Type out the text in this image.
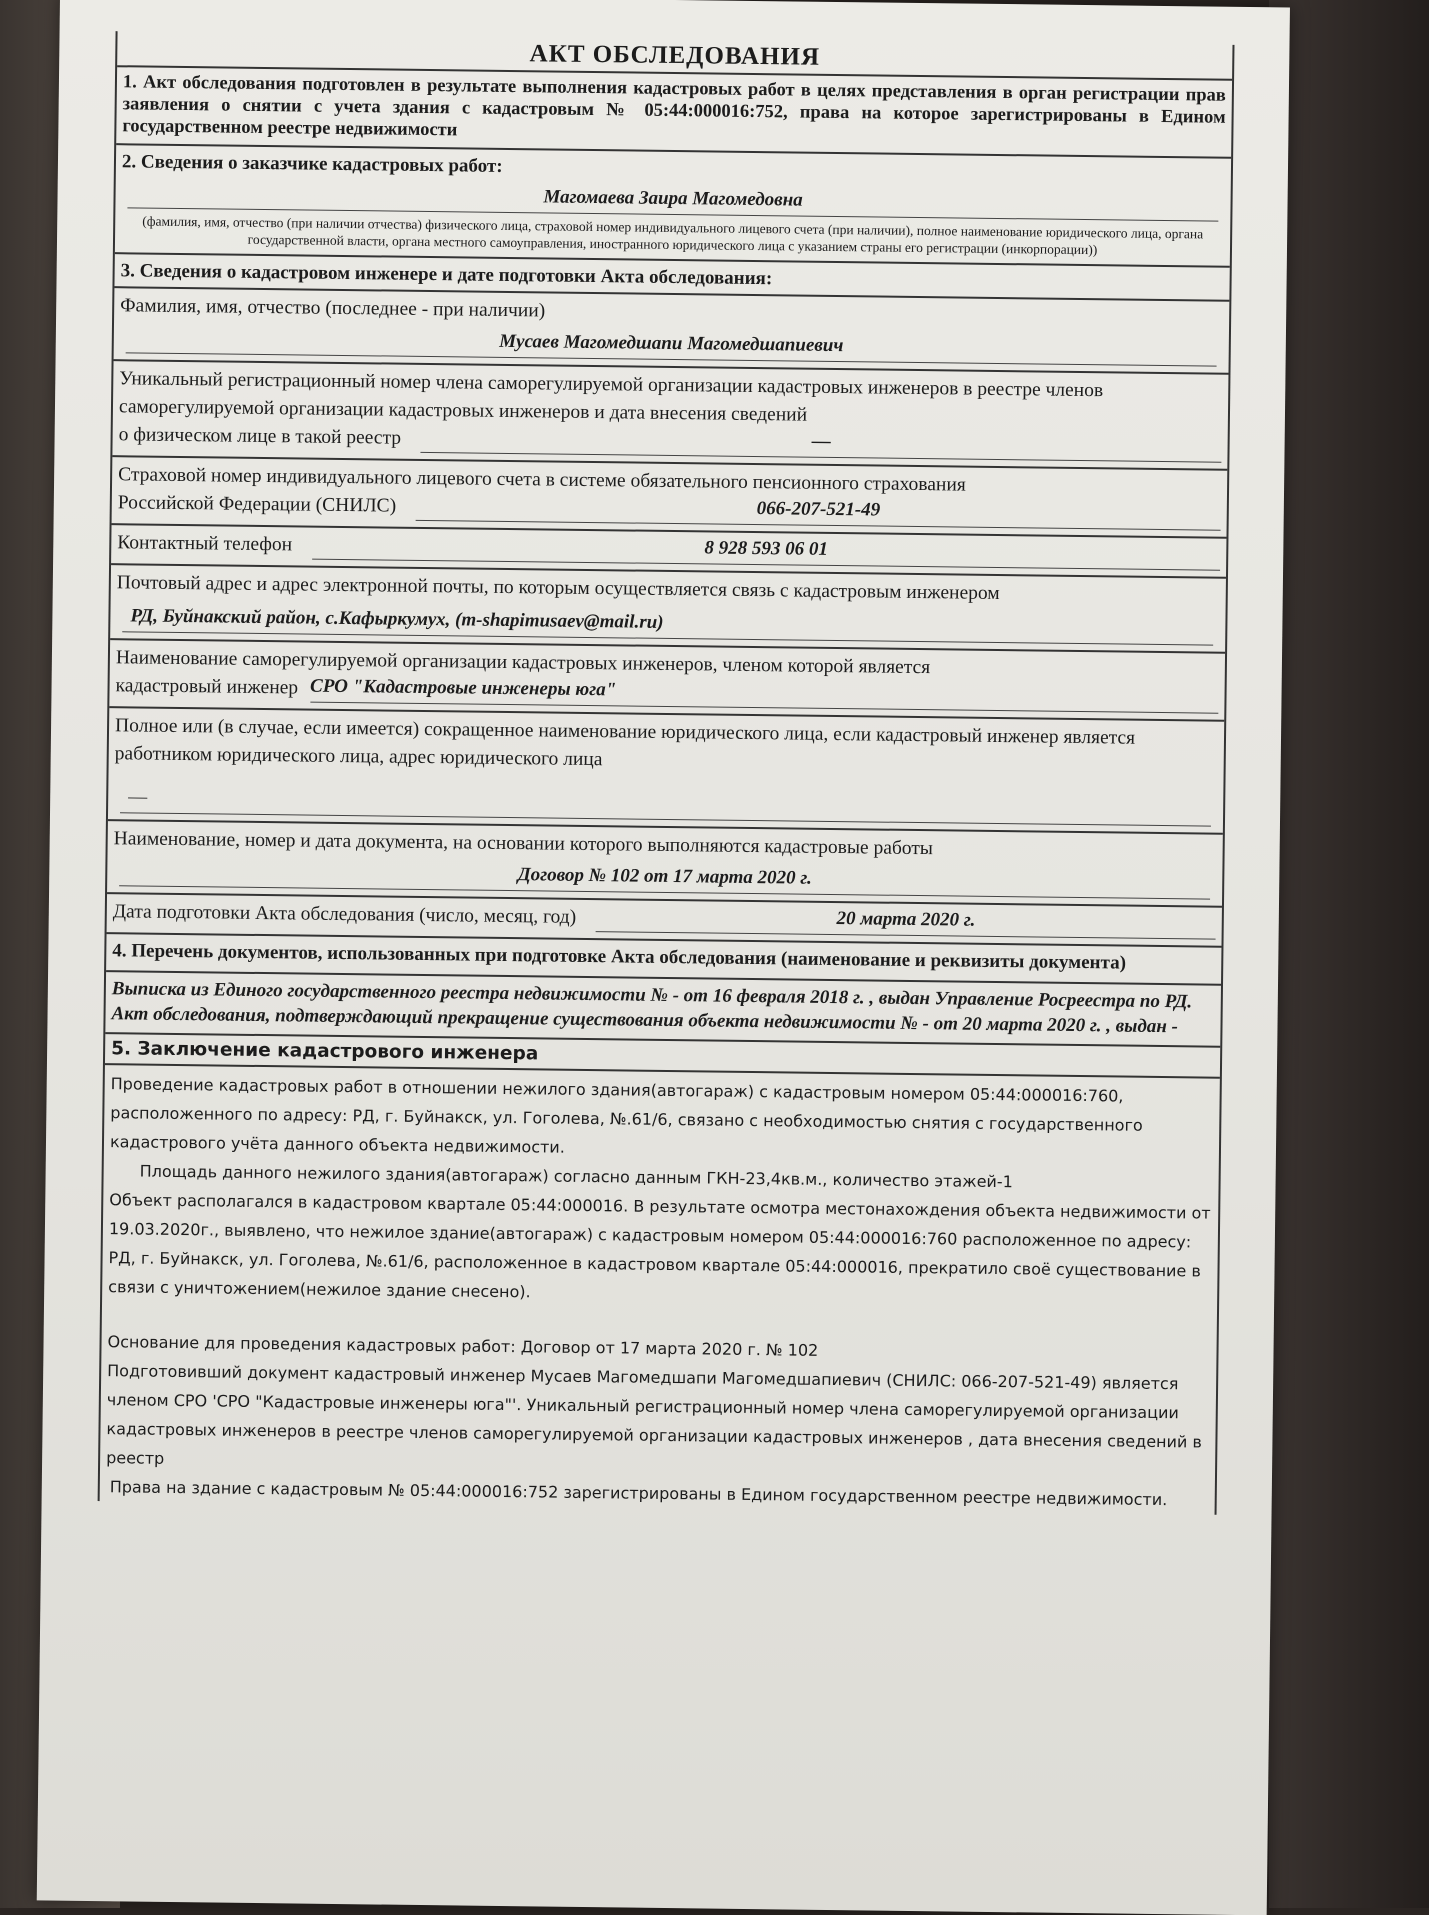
АКТ ОБСЛЕДОВАНИЯ

1. Акт обследования подготовлен в результате выполнения кадастровых работ в целях представления в орган регистрации прав заявления о снятии с учета здания с кадастровым № 05:44:000016:752, права на которое зарегистрированы в Едином государственном реестре недвижимости

2. Сведения о заказчике кадастровых работ:
Магомаева Заира Магомедовна
(фамилия, имя, отчество (при наличии отчества) физического лица, страховой номер индивидуального лицевого счета (при наличии), полное наименование юридического лица, органа государственной власти, органа местного самоуправления, иностранного юридического лица с указанием страны его регистрации (инкорпорации))
3. Сведения о кадастровом инженере и дате подготовки Акта обследования:
Фамилия, имя, отчество (последнее - при наличии)
Мусаев Магомедшапи Магомедшапиевич
Уникальный регистрационный номер члена саморегулируемой организации кадастровых инженеров в реестре членов саморегулируемой организации кадастровых инженеров и дата внесения сведений
о физическом лице в такой реестр	—
Страховой номер индивидуального лицевого счета в системе обязательного пенсионного страхования
Российской Федерации (СНИЛС)	066-207-521-49
Контактный телефон	8 928 593 06 01
Почтовый адрес и адрес электронной почты, по которым осуществляется связь с кадастровым инженером
РД, Буйнакский район, с.Кафыркумух, (m-shapimusaev@mail.ru)
Наименование саморегулируемой организации кадастровых инженеров, членом которой является
кадастровый инженер СРО "Кадастровые инженеры юга"
Полное или (в случае, если имеется) сокращенное наименование юридического лица, если кадастровый инженер является работником юридического лица, адрес юридического лица
—
Наименование, номер и дата документа, на основании которого выполняются кадастровые работы
Договор № 102 от 17 марта 2020 г.
Дата подготовки Акта обследования (число, месяц, год)	20 марта 2020 г.
4. Перечень документов, использованных при подготовке Акта обследования (наименование и реквизиты документа)

Выписка из Единого государственного реестра недвижимости № - от 16 февраля 2018 г. , выдан Управление Росреестра по РД.

Акт обследования, подтверждающий прекращение существования объекта недвижимости № - от 20 марта 2020 г. , выдан -

5. Заключение кадастрового инженера

Проведение кадастровых работ в отношении нежилого здания(автогараж) с кадастровым номером 05:44:000016:760, расположенного по адресу: РД, г. Буйнакск, ул. Гоголева, №.61/6, связано с необходимостью снятия с государственного кадастрового учёта данного объекта недвижимости.

Площадь данного нежилого здания(автогараж) согласно данным ГКН-23,4кв.м., количество этажей-1

Объект располагался в кадастровом квартале 05:44:000016. В результате осмотра местонахождения объекта недвижимости от 19.03.2020г., выявлено, что нежилое здание(автогараж) с кадастровым номером 05:44:000016:760 расположенное по адресу: РД, г. Буйнакск, ул. Гоголева, №.61/6, расположенное в кадастровом квартале 05:44:000016, прекратило своё существование в связи с уничтожением(нежилое здание снесено).

Основание для проведения кадастровых работ: Договор от 17 марта 2020 г. № 102

Подготовивший документ кадастровый инженер Мусаев Магомедшапи Магомедшапиевич (СНИЛС: 066-207-521-49) является членом СРО 'СРО "Кадастровые инженеры юга"'. Уникальный регистрационный номер члена саморегулируемой организации кадастровых инженеров в реестре членов саморегулируемой организации кадастровых инженеров , дата внесения сведений в реестр

Права на здание с кадастровым № 05:44:000016:752 зарегистрированы в Едином государственном реестре недвижимости.
